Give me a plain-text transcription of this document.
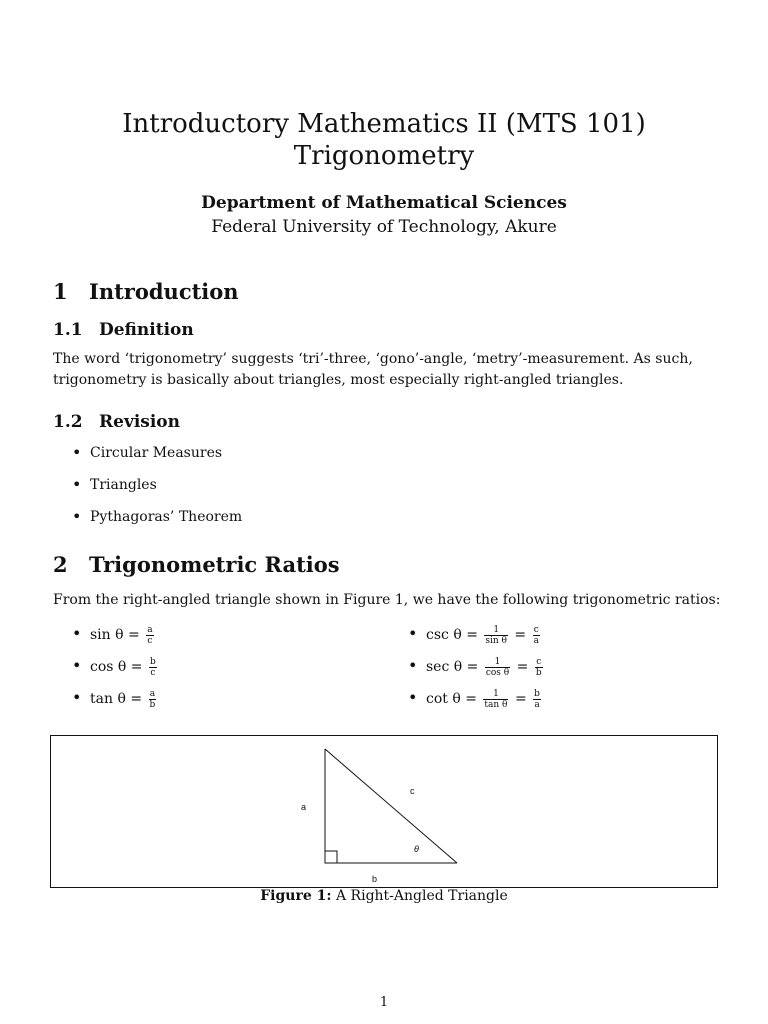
Introductory Mathematics II (MTS 101)
Trigonometry
Department of Mathematical Sciences
Federal University of Technology, Akure
1 Introduction
1.1 Definition

The word ‘trigonometry’ suggests ‘tri’-three, ‘gono’-angle, ‘metry’-measurement. As such, trigonometry is basically about triangles, most especially right-angled triangles.

1.2 Revision
• Circular Measures
• Triangles
• Pythagoras’ Theorem
2 Trigonometric Ratios

From the right-angled triangle shown in Figure 1, we have the following trigonometric ratios:

• $\sin \theta = \frac{a}{c}$
• $\cos \theta = \frac{b}{c}$
• $\tan \theta = \frac{a}{b}$
• $\csc \theta = \frac{1}{\text{sin θ}} = \frac{c}{a}$
• $\sec \theta = \frac{1}{\text{cos θ}} = \frac{c}{b}$
• $\cot \theta = \frac{1}{\text{tan θ}} = \frac{b}{a}$
a
b
c
θ
Figure 1: A Right-Angled Triangle
1
